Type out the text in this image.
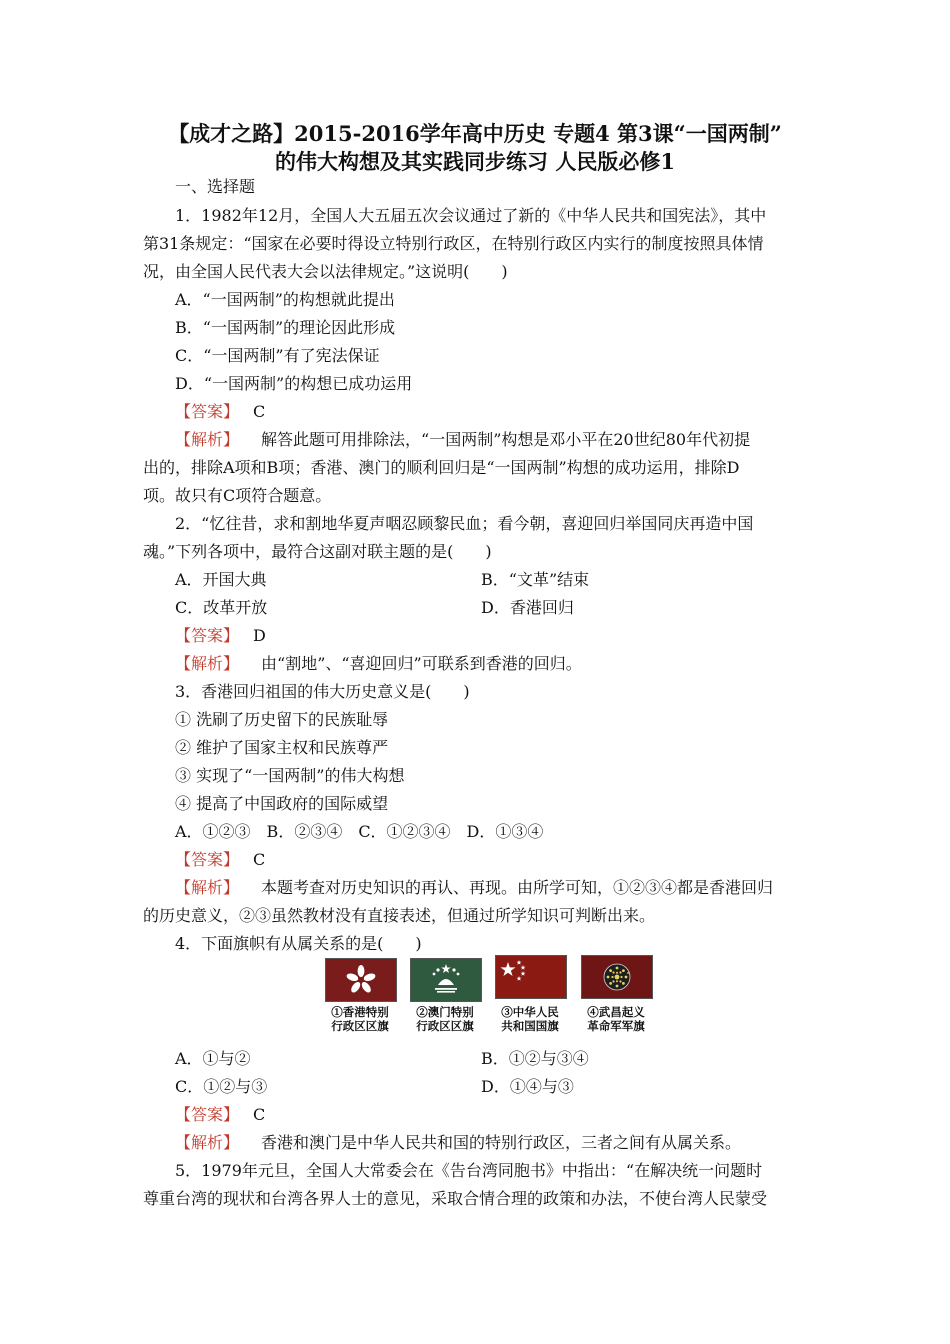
【成才之路】2015-2016学年高中历史 专题4 第3课“一国两制”
的伟大构想及其实践同步练习 人民版必修1
一、选择题
1．1982年12月，全国人大五届五次会议通过了新的《中华人民共和国宪法》，其中
第31条规定：“国家在必要时得设立特别行政区，在特别行政区内实行的制度按照具体情
况，由全国人民代表大会以法律规定。”这说明(　　)
A．“一国两制”的构想就此提出
B．“一国两制”的理论因此形成
C．“一国两制”有了宪法保证
D．“一国两制”的构想已成功运用
【答案】 C
【解析】 解答此题可用排除法，“一国两制”构想是邓小平在20世纪80年代初提
出的，排除A项和B项；香港、澳门的顺利回归是“一国两制”构想的成功运用，排除D
项。故只有C项符合题意。
2．“忆往昔，求和割地华夏声咽忍顾黎民血；看今朝，喜迎回归举国同庆再造中国
魂。”下列各项中，最符合这副对联主题的是(　　)
A．开国大典	B．“文革”结束
C．改革开放	D．香港回归
【答案】 D
【解析】 由“割地”、“喜迎回归”可联系到香港的回归。
3．香港回归祖国的伟大历史意义是(　　)
① 洗刷了历史留下的民族耻辱
② 维护了国家主权和民族尊严
③ 实现了“一国两制”的伟大构想
④ 提高了中国政府的国际威望
A．①②③　B．②③④　C．①②③④　D．①③④
【答案】 C
【解析】 本题考查对历史知识的再认、再现。由所学可知，①②③④都是香港回归
的历史意义，②③虽然教材没有直接表述，但通过所学知识可判断出来。
4．下面旗帜有从属关系的是(　　)
①香港特别
行政区区旗
②澳门特别
行政区区旗
③中华人民
共和国国旗
④武昌起义
革命军军旗
A．①与②	B．①②与③④
C．①②与③	D．①④与③
【答案】 C
【解析】 香港和澳门是中华人民共和国的特别行政区，三者之间有从属关系。
5．1979年元旦，全国人大常委会在《告台湾同胞书》中指出：“在解决统一问题时
尊重台湾的现状和台湾各界人士的意见，采取合情合理的政策和办法，不使台湾人民蒙受
